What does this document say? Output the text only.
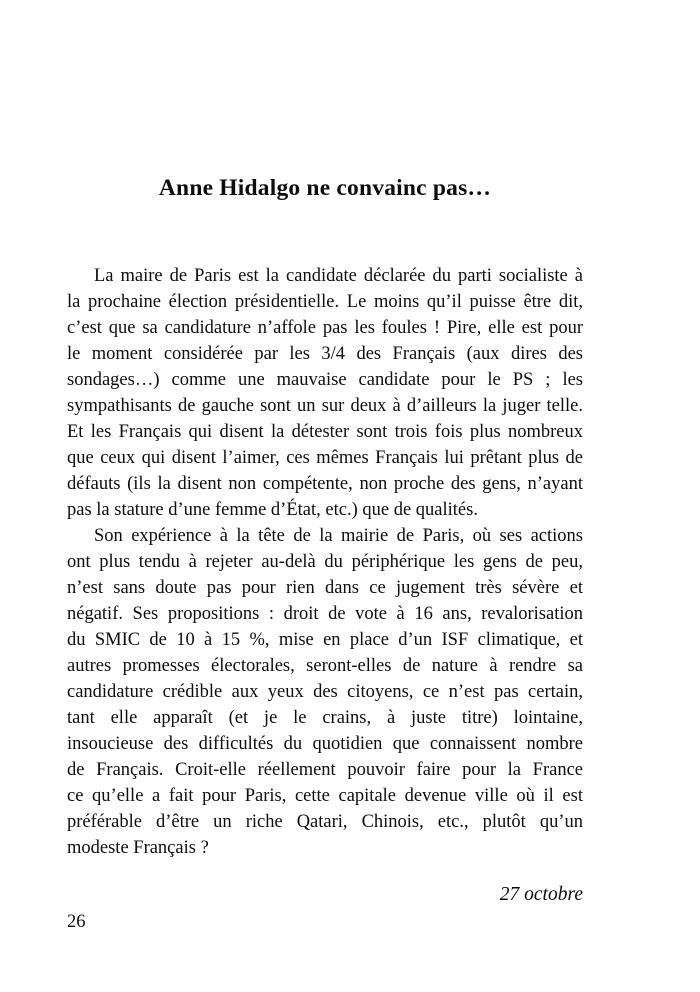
Anne Hidalgo ne convainc pas…
La maire de Paris est la candidate déclarée du parti socialiste à
la prochaine élection présidentielle. Le moins qu’il puisse être dit,
c’est que sa candidature n’affole pas les foules ! Pire, elle est pour
le moment considérée par les 3/4 des Français (aux dires des
sondages…) comme une mauvaise candidate pour le PS ; les
sympathisants de gauche sont un sur deux à d’ailleurs la juger telle.
Et les Français qui disent la détester sont trois fois plus nombreux
que ceux qui disent l’aimer, ces mêmes Français lui prêtant plus de
défauts (ils la disent non compétente, non proche des gens, n’ayant
pas la stature d’une femme d’État, etc.) que de qualités.
Son expérience à la tête de la mairie de Paris, où ses actions
ont plus tendu à rejeter au-delà du périphérique les gens de peu,
n’est sans doute pas pour rien dans ce jugement très sévère et
négatif. Ses propositions : droit de vote à 16 ans, revalorisation
du SMIC de 10 à 15 %, mise en place d’un ISF climatique, et
autres promesses électorales, seront-elles de nature à rendre sa
candidature crédible aux yeux des citoyens, ce n’est pas certain,
tant elle apparaît (et je le crains, à juste titre) lointaine,
insoucieuse des difficultés du quotidien que connaissent nombre
de Français. Croit-elle réellement pouvoir faire pour la France
ce qu’elle a fait pour Paris, cette capitale devenue ville où il est
préférable d’être un riche Qatari, Chinois, etc., plutôt qu’un
modeste Français ?
27 octobre
26
